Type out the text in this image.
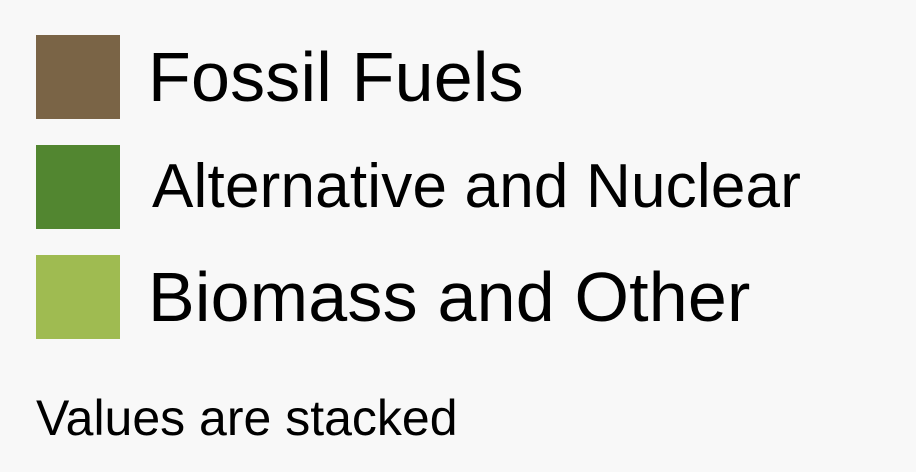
Fossil Fuels
Alternative and Nuclear
Biomass and Other
Values are stacked
